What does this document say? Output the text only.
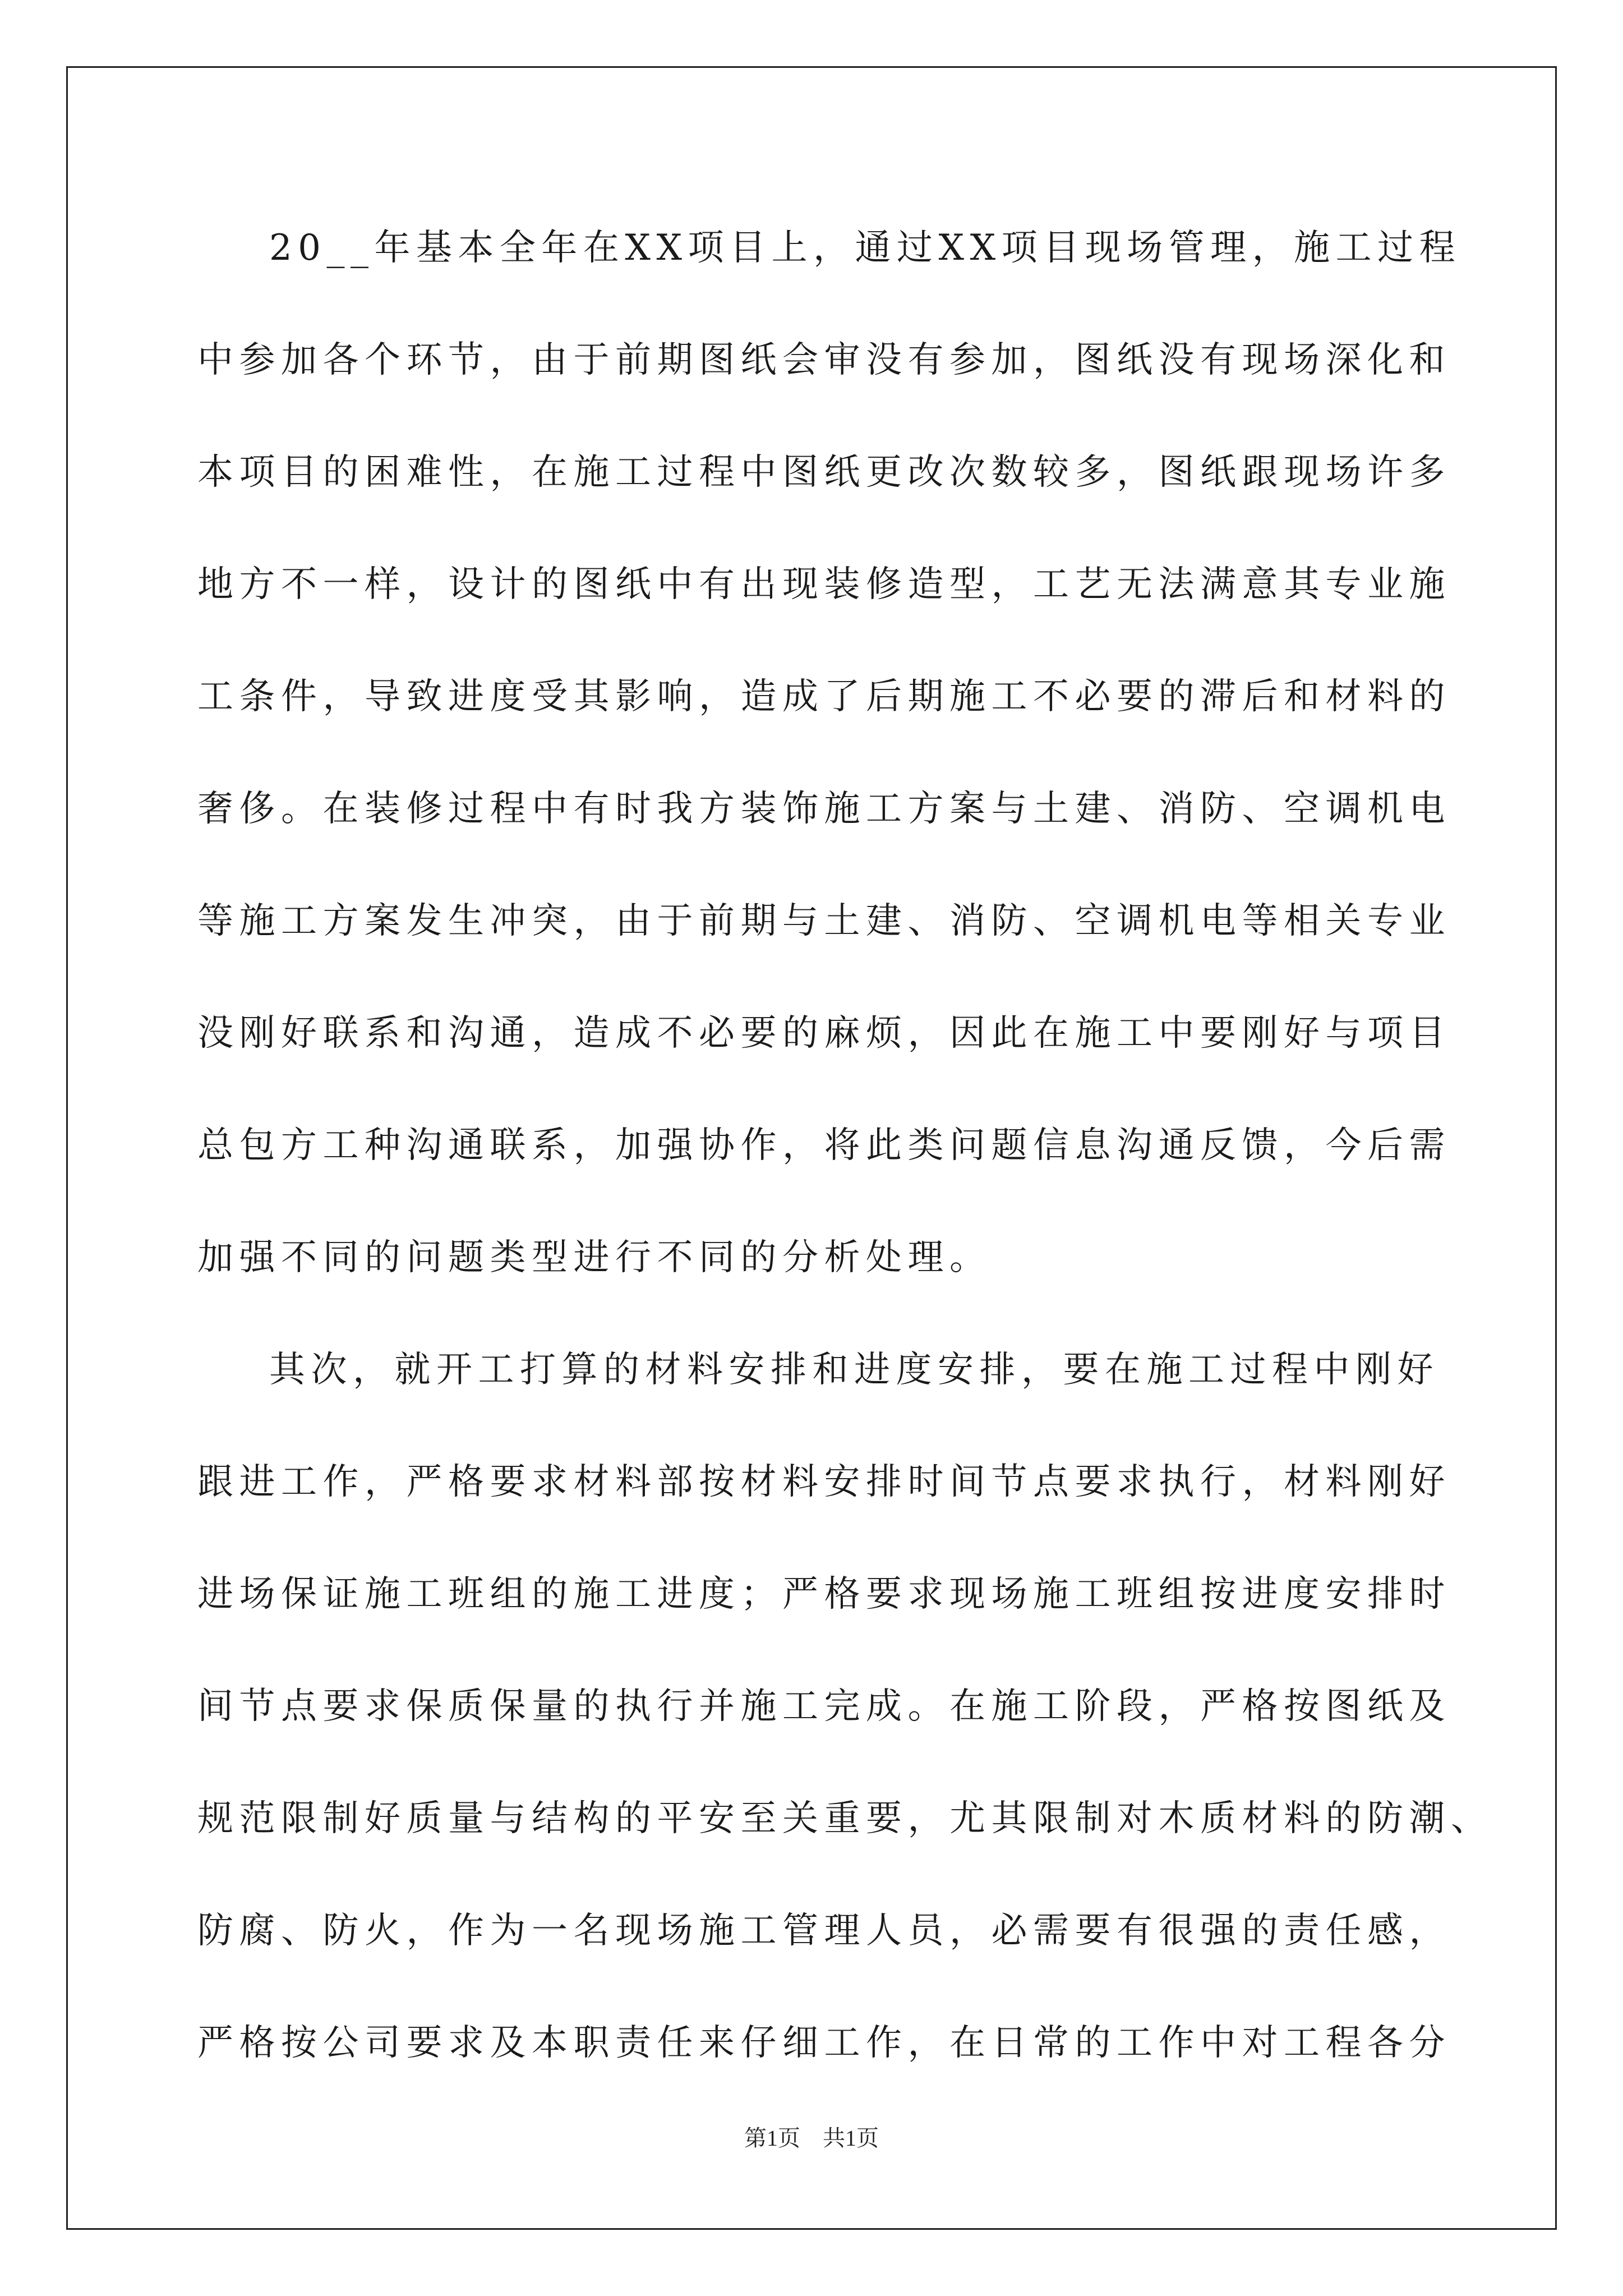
20__年基本全年在XX项目上，通过XX项目现场管理，施工过程
中参加各个环节，由于前期图纸会审没有参加，图纸没有现场深化和
本项目的困难性，在施工过程中图纸更改次数较多，图纸跟现场许多
地方不一样，设计的图纸中有出现装修造型，工艺无法满意其专业施
工条件，导致进度受其影响，造成了后期施工不必要的滞后和材料的
奢侈。在装修过程中有时我方装饰施工方案与土建、消防、空调机电
等施工方案发生冲突，由于前期与土建、消防、空调机电等相关专业
没刚好联系和沟通，造成不必要的麻烦，因此在施工中要刚好与项目
总包方工种沟通联系，加强协作，将此类问题信息沟通反馈，今后需
加强不同的问题类型进行不同的分析处理。
其次，就开工打算的材料安排和进度安排，要在施工过程中刚好
跟进工作，严格要求材料部按材料安排时间节点要求执行，材料刚好
进场保证施工班组的施工进度；严格要求现场施工班组按进度安排时
间节点要求保质保量的执行并施工完成。在施工阶段，严格按图纸及
规范限制好质量与结构的平安至关重要，尤其限制对木质材料的防潮、
防腐、防火，作为一名现场施工管理人员，必需要有很强的责任感，
严格按公司要求及本职责任来仔细工作，在日常的工作中对工程各分
第1页 共1页
